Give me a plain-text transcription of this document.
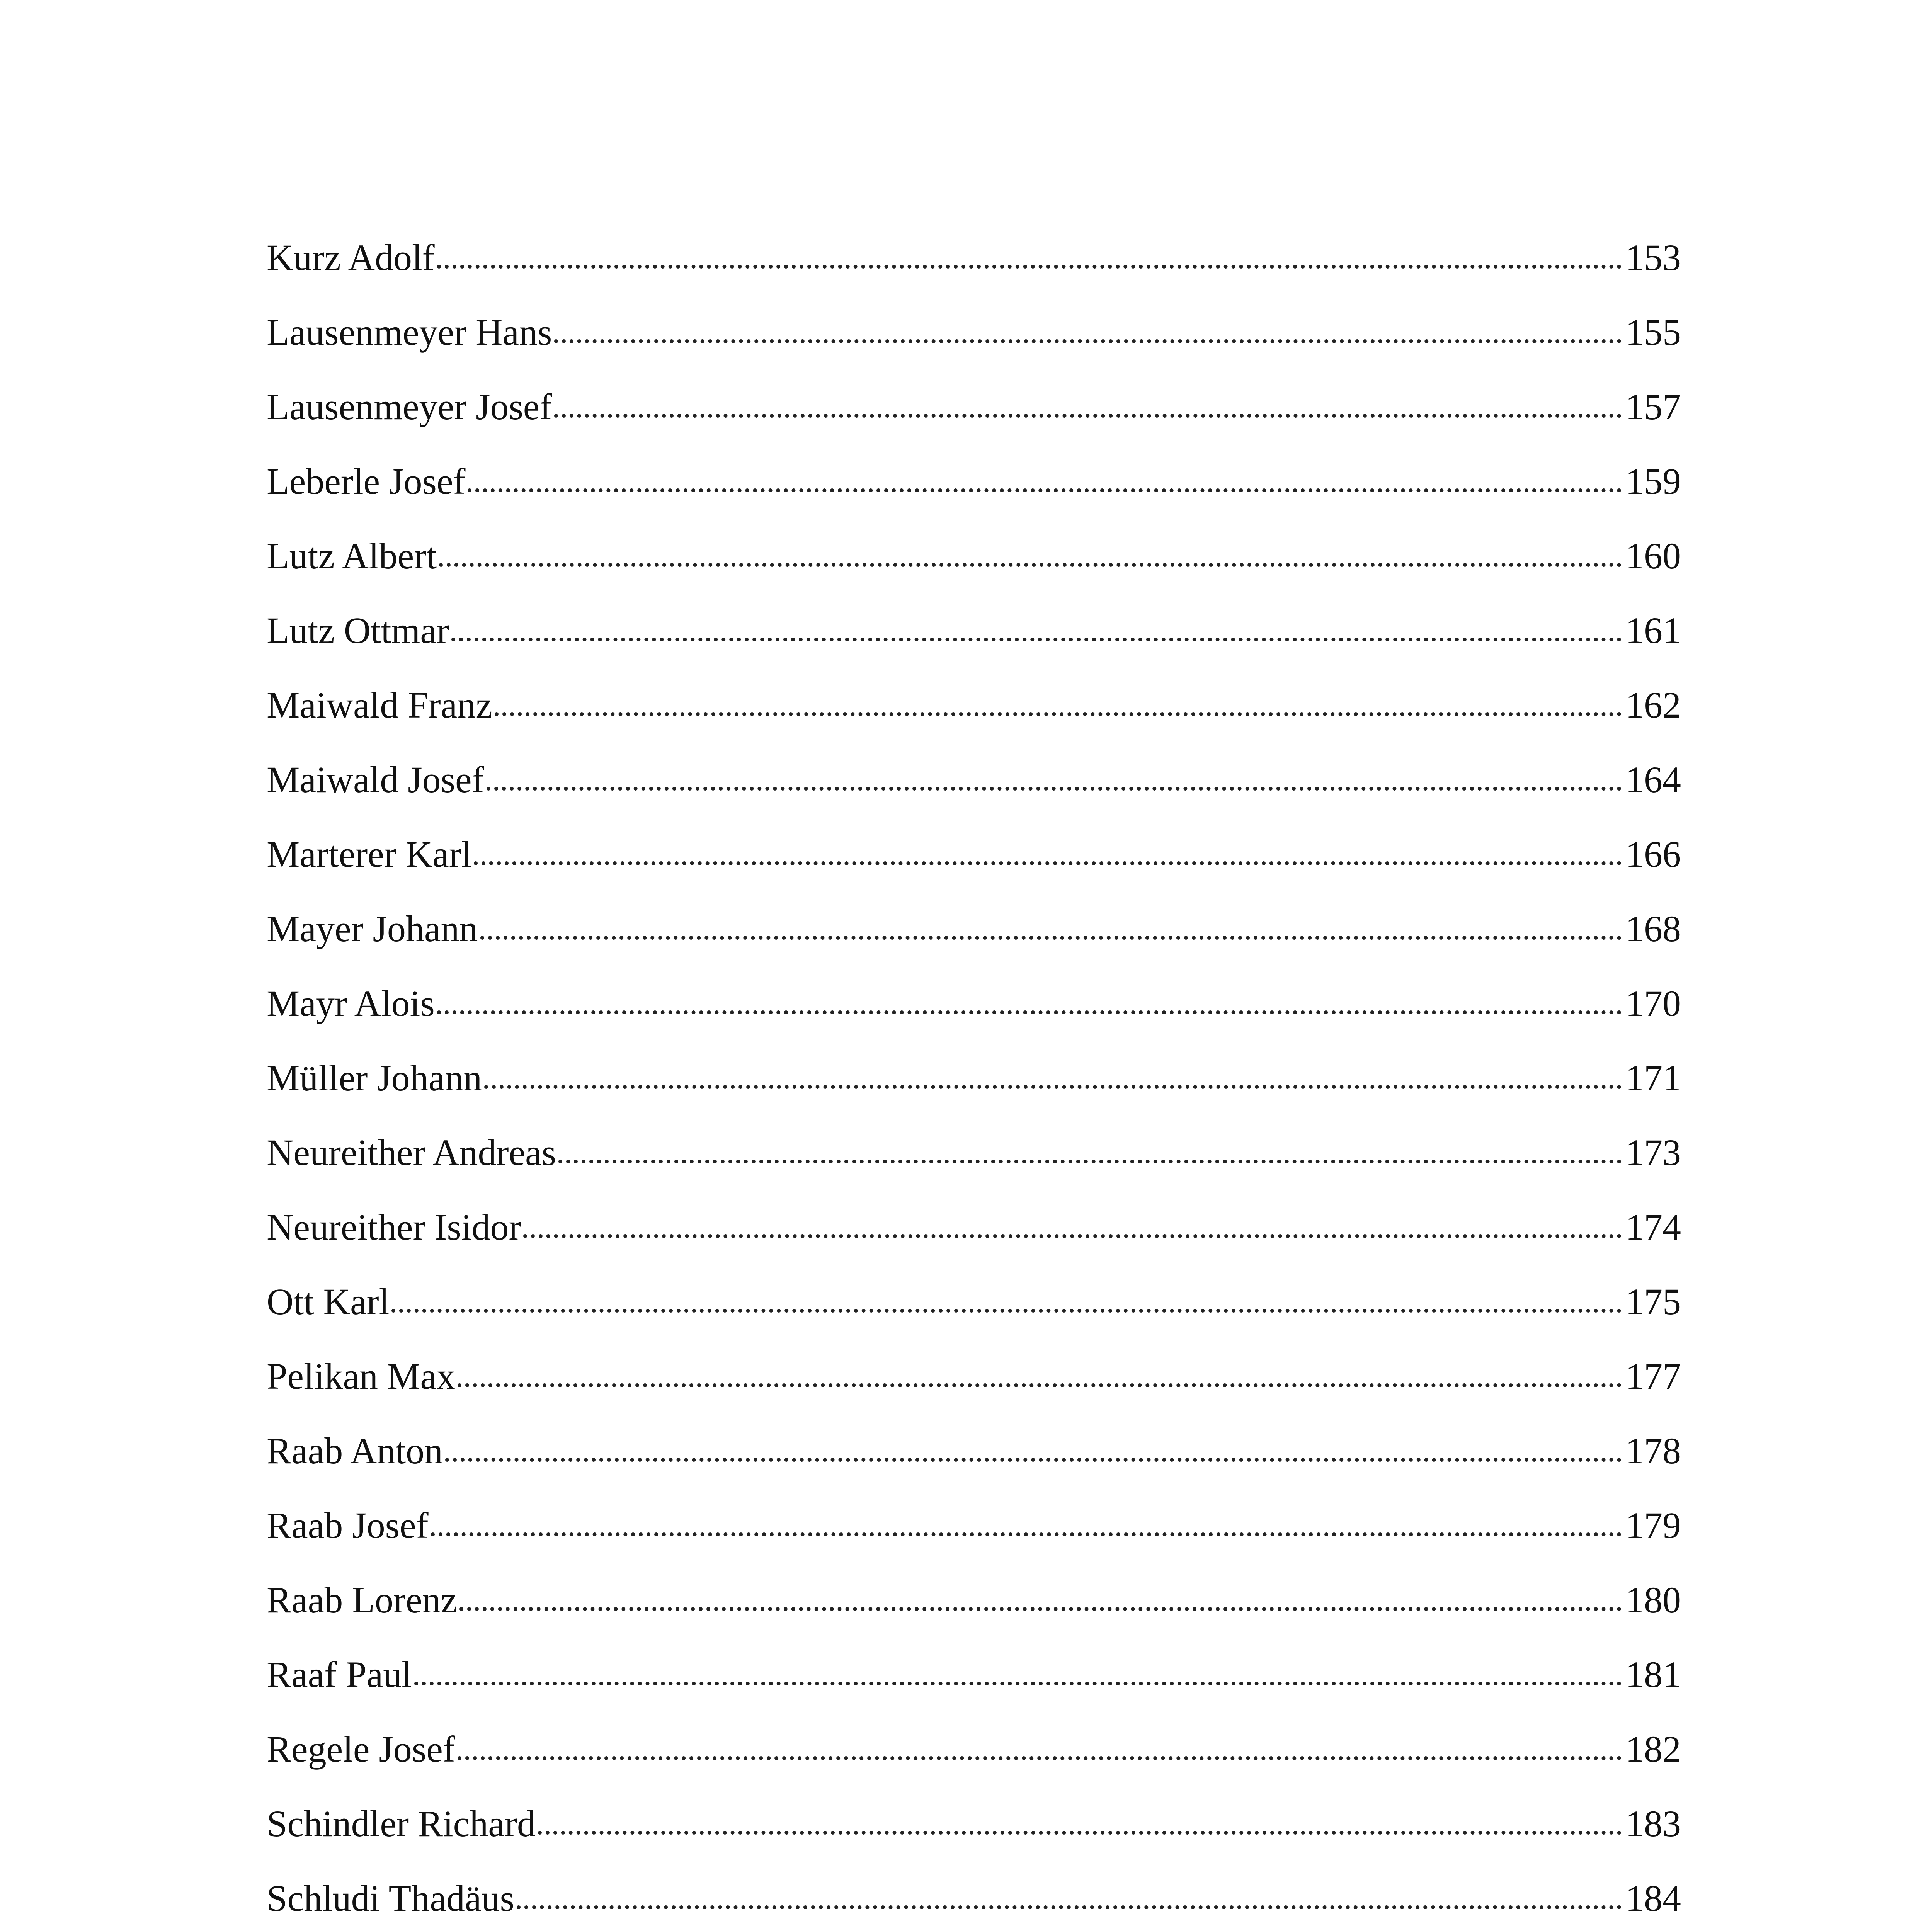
Kurz Adolf	153
Lausenmeyer Hans	155
Lausenmeyer Josef	157
Leberle Josef	159
Lutz Albert	160
Lutz Ottmar	161
Maiwald Franz	162
Maiwald Josef	164
Marterer Karl	166
Mayer Johann	168
Mayr Alois	170
Müller Johann	171
Neureither Andreas	173
Neureither Isidor	174
Ott Karl	175
Pelikan Max	177
Raab Anton	178
Raab Josef	179
Raab Lorenz	180
Raaf Paul	181
Regele Josef	182
Schindler Richard	183
Schludi Thadäus	184
